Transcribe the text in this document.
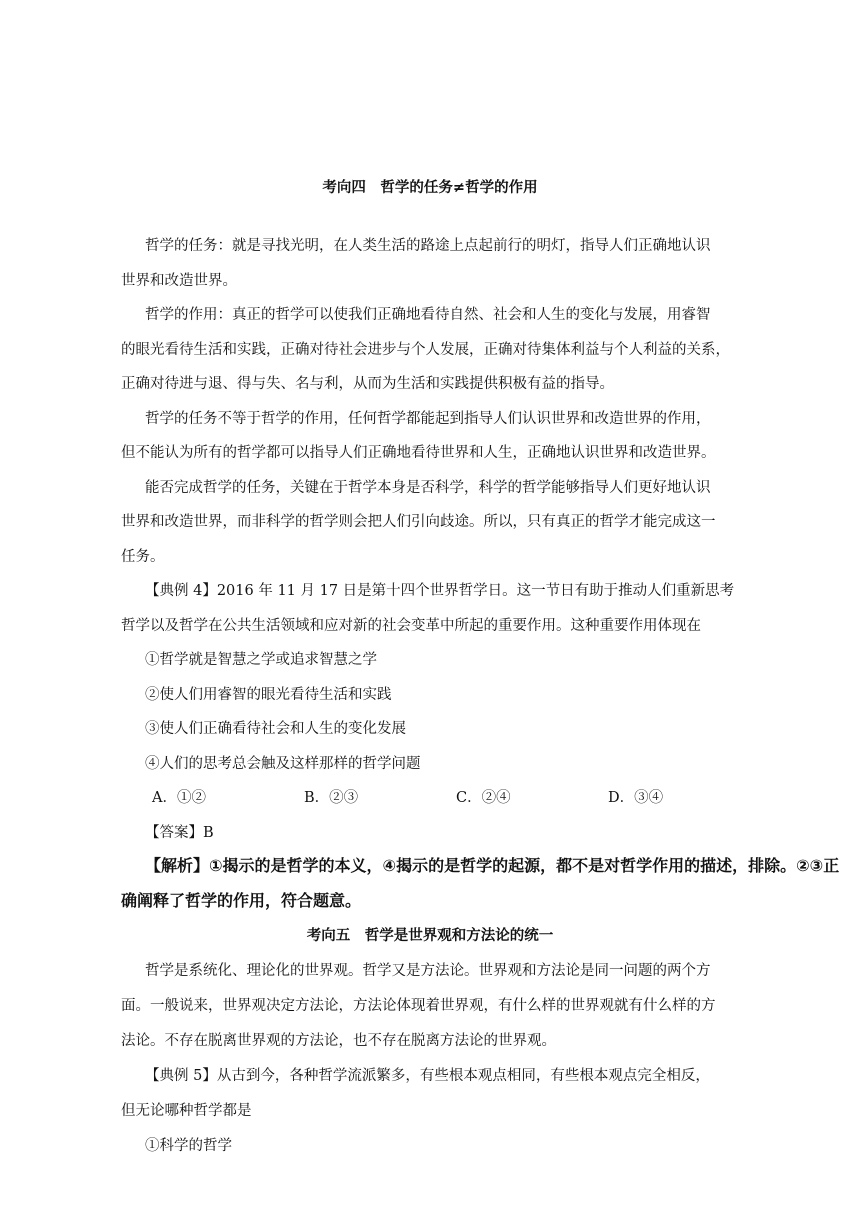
考向四　哲学的任务≠哲学的作用
哲学的任务：就是寻找光明，在人类生活的路途上点起前行的明灯，指导人们正确地认识
世界和改造世界。
哲学的作用：真正的哲学可以使我们正确地看待自然、社会和人生的变化与发展，用睿智
的眼光看待生活和实践，正确对待社会进步与个人发展，正确对待集体利益与个人利益的关系，
正确对待进与退、得与失、名与利，从而为生活和实践提供积极有益的指导。
哲学的任务不等于哲学的作用，任何哲学都能起到指导人们认识世界和改造世界的作用，
但不能认为所有的哲学都可以指导人们正确地看待世界和人生，正确地认识世界和改造世界。
能否完成哲学的任务，关键在于哲学本身是否科学，科学的哲学能够指导人们更好地认识
世界和改造世界，而非科学的哲学则会把人们引向歧途。所以，只有真正的哲学才能完成这一
任务。
【典例 4】2016 年 11 月 17 日是第十四个世界哲学日。这一节日有助于推动人们重新思考
哲学以及哲学在公共生活领域和应对新的社会变革中所起的重要作用。这种重要作用体现在
①哲学就是智慧之学或追求智慧之学
②使人们用睿智的眼光看待生活和实践
③使人们正确看待社会和人生的变化发展
④人们的思考总会触及这样那样的哲学问题
A．①②	B．②③	C．②④	D．③④
【答案】B
【解析】①揭示的是哲学的本义，④揭示的是哲学的起源，都不是对哲学作用的描述，排除。②③正
确阐释了哲学的作用，符合题意。
考向五　哲学是世界观和方法论的统一
哲学是系统化、理论化的世界观。哲学又是方法论。世界观和方法论是同一问题的两个方
面。一般说来，世界观决定方法论，方法论体现着世界观，有什么样的世界观就有什么样的方
法论。不存在脱离世界观的方法论，也不存在脱离方法论的世界观。
【典例 5】从古到今，各种哲学流派繁多，有些根本观点相同，有些根本观点完全相反，
但无论哪种哲学都是
①科学的哲学
